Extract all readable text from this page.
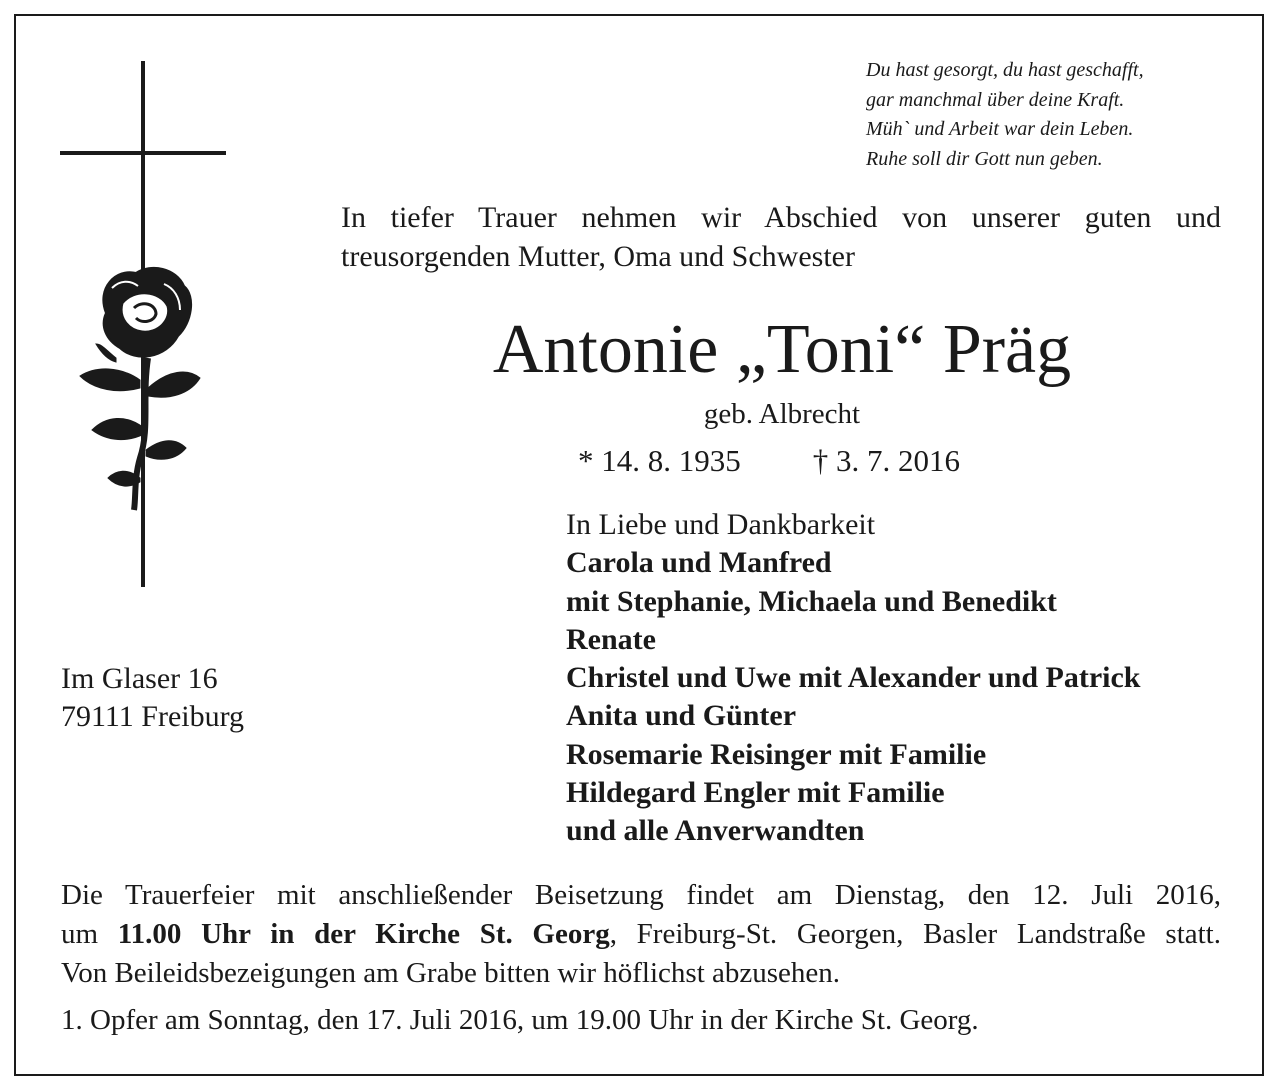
Du hast gesorgt, du hast geschafft,
gar manchmal über deine Kraft.
Müh` und Arbeit war dein Leben.
Ruhe soll dir Gott nun geben.
In tiefer Trauer nehmen wir Abschied von unserer guten und
treusorgenden Mutter, Oma und Schwester
Antonie „Toni“ Präg
geb. Albrecht
* 14. 8. 1935 † 3. 7. 2016
In Liebe und Dankbarkeit
Carola und Manfred
mit Stephanie, Michaela und Benedikt
Renate
Christel und Uwe mit Alexander und Patrick
Anita und Günter
Rosemarie Reisinger mit Familie
Hildegard Engler mit Familie
und alle Anverwandten
Im Glaser 16
79111 Freiburg
Die Trauerfeier mit anschließender Beisetzung findet am Dienstag, den 12. Juli 2016,
um 11.00 Uhr in der Kirche St. Georg, Freiburg-St. Georgen, Basler Landstraße statt.
Von Beileidsbezeigungen am Grabe bitten wir höflichst abzusehen.
1. Opfer am Sonntag, den 17. Juli 2016, um 19.00 Uhr in der Kirche St. Georg.
